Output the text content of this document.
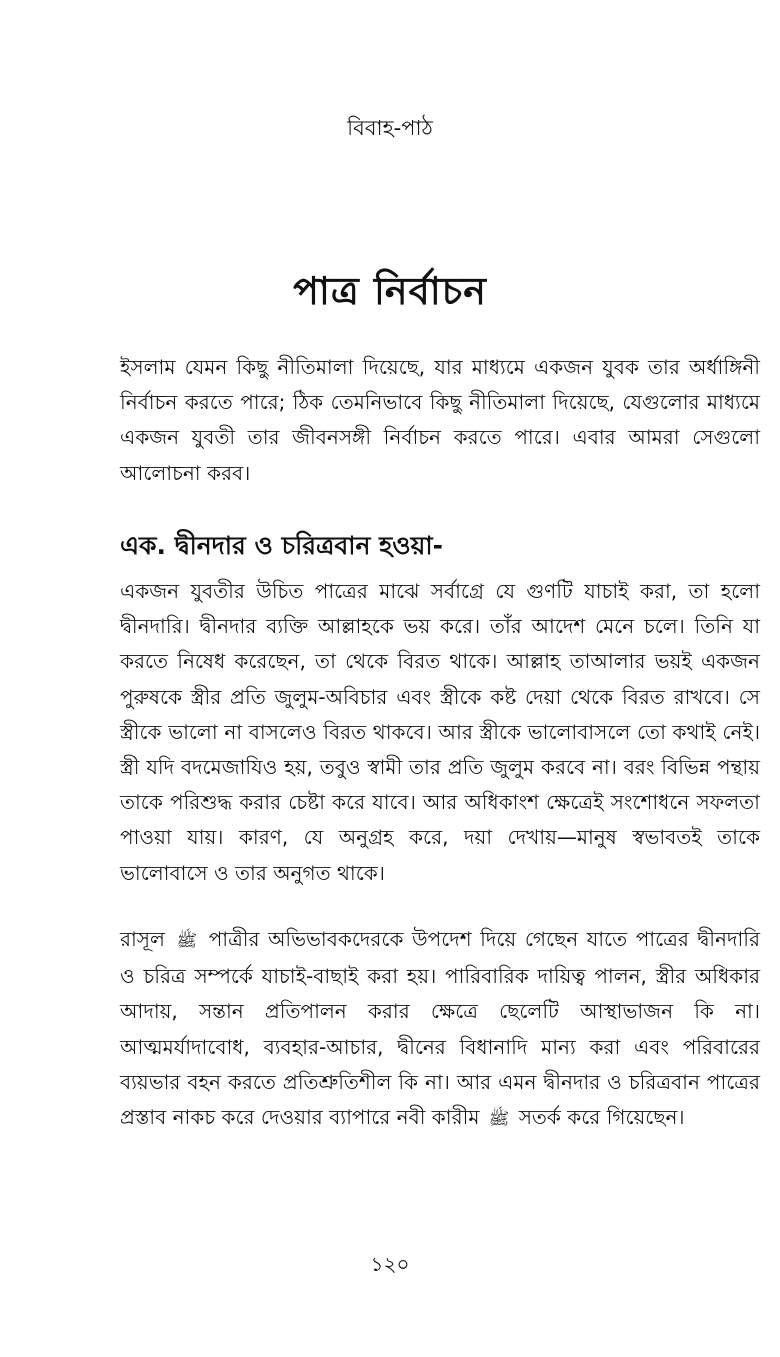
বিবাহ-পাঠ
পাত্র নির্বাচন

ইসলাম যেমন কিছু নীতিমালা দিয়েছে, যার মাধ্যমে একজন যুবক তার অর্ধাঙ্গিনী নির্বাচন করতে পারে; ঠিক তেমনিভাবে কিছু নীতিমালা দিয়েছে, যেগুলোর মাধ্যমে একজন যুবতী তার জীবনসঙ্গী নির্বাচন করতে পারে। এবার আমরা সেগুলো আলোচনা করব।

এক. দ্বীনদার ও চরিত্রবান হওয়া-

একজন যুবতীর উচিত পাত্রের মাঝে সর্বাগ্রে যে গুণটি যাচাই করা, তা হলো দ্বীনদারি। দ্বীনদার ব্যক্তি আল্লাহকে ভয় করে। তাঁর আদেশ মেনে চলে। তিনি যা করতে নিষেধ করেছেন, তা থেকে বিরত থাকে। আল্লাহ তাআলার ভয়ই একজন পুরুষকে স্ত্রীর প্রতি জুলুম-অবিচার এবং স্ত্রীকে কষ্ট দেয়া থেকে বিরত রাখবে। সে স্ত্রীকে ভালো না বাসলেও বিরত থাকবে। আর স্ত্রীকে ভালোবাসলে তো কথাই নেই। স্ত্রী যদি বদমেজাযিও হয়, তবুও স্বামী তার প্রতি জুলুম করবে না। বরং বিভিন্ন পন্থায় তাকে পরিশুদ্ধ করার চেষ্টা করে যাবে। আর অধিকাংশ ক্ষেত্রেই সংশোধনে সফলতা পাওয়া যায়। কারণ, যে অনুগ্রহ করে, দয়া দেখায়—মানুষ স্বভাবতই তাকে ভালোবাসে ও তার অনুগত থাকে।

রাসূল ﷺ পাত্রীর অভিভাবকদেরকে উপদেশ দিয়ে গেছেন যাতে পাত্রের দ্বীনদারি ও চরিত্র সম্পর্কে যাচাই-বাছাই করা হয়। পারিবারিক দায়িত্ব পালন, স্ত্রীর অধিকার আদায়, সন্তান প্রতিপালন করার ক্ষেত্রে ছেলেটি আস্থাভাজন কি না। আত্মমর্যাদাবোধ, ব্যবহার-আচার, দ্বীনের বিধানাদি মান্য করা এবং পরিবারের ব্যয়ভার বহন করতে প্রতিশ্রুতিশীল কি না। আর এমন দ্বীনদার ও চরিত্রবান পাত্রের প্রস্তাব নাকচ করে দেওয়ার ব্যাপারে নবী কারীম ﷺ সতর্ক করে গিয়েছেন।

১২০
